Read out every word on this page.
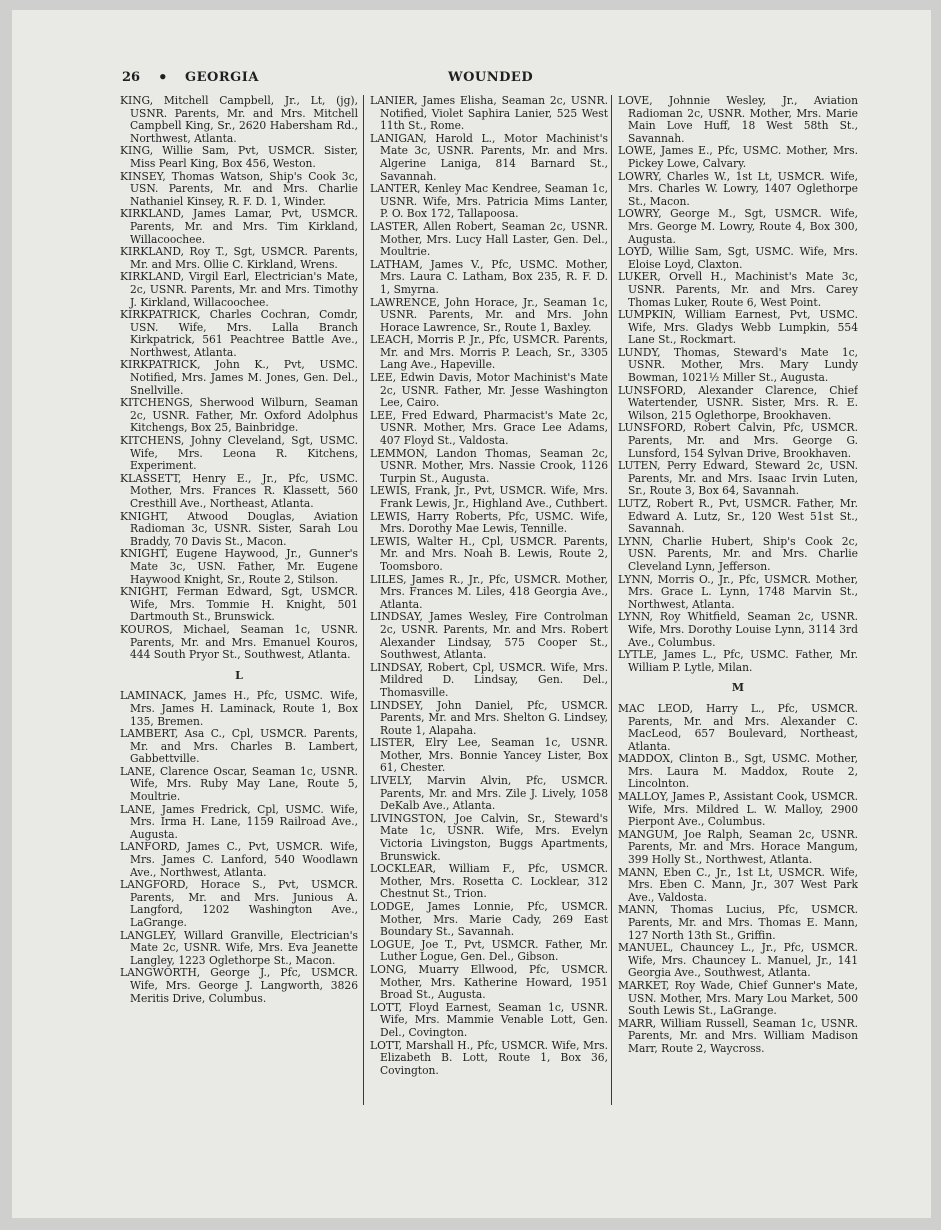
26 • GEORGIA	WOUNDED

KING, Mitchell Campbell, Jr., Lt, (jg), USNR. Parents, Mr. and Mrs. Mitchell Campbell King, Sr., 2620 Habersham Rd., Northwest, Atlanta.

KING, Willie Sam, Pvt, USMCR. Sister, Miss Pearl King, Box 456, Weston.

KINSEY, Thomas Watson, Ship's Cook 3c, USN. Parents, Mr. and Mrs. Charlie Nathaniel Kinsey, R. F. D. 1, Winder.

KIRKLAND, James Lamar, Pvt, USMCR. Parents, Mr. and Mrs. Tim Kirkland, Willacoochee.

KIRKLAND, Roy T., Sgt, USMCR. Parents, Mr. and Mrs. Ollie C. Kirkland, Wrens.

KIRKLAND, Virgil Earl, Electrician's Mate, 2c, USNR. Parents, Mr. and Mrs. Timothy J. Kirkland, Willacoochee.

KIRKPATRICK, Charles Cochran, Comdr, USN. Wife, Mrs. Lalla Branch Kirkpatrick, 561 Peachtree Battle Ave., Northwest, Atlanta.

KIRKPATRICK, John K., Pvt, USMC. Notified, Mrs. James M. Jones, Gen. Del., Snellville.

KITCHENGS, Sherwood Wilburn, Seaman 2c, USNR. Father, Mr. Oxford Adolphus Kitchengs, Box 25, Bainbridge.

KITCHENS, Johny Cleveland, Sgt, USMC. Wife, Mrs. Leona R. Kitchens, Experiment.

KLASSETT, Henry E., Jr., Pfc, USMC. Mother, Mrs. Frances R. Klassett, 560 Cresthill Ave., Northeast, Atlanta.

KNIGHT, Atwood Douglas, Aviation Radioman 3c, USNR. Sister, Sarah Lou Braddy, 70 Davis St., Macon.

KNIGHT, Eugene Haywood, Jr., Gunner's Mate 3c, USN. Father, Mr. Eugene Haywood Knight, Sr., Route 2, Stilson.

KNIGHT, Ferman Edward, Sgt, USMCR. Wife, Mrs. Tommie H. Knight, 501 Dartmouth St., Brunswick.

KOUROS, Michael, Seaman 1c, USNR. Parents, Mr. and Mrs. Emanuel Kouros, 444 South Pryor St., Southwest, Atlanta.

L

LAMINACK, James H., Pfc, USMC. Wife, Mrs. James H. Laminack, Route 1, Box 135, Bremen.

LAMBERT, Asa C., Cpl, USMCR. Parents, Mr. and Mrs. Charles B. Lambert, Gabbettville.

LANE, Clarence Oscar, Seaman 1c, USNR. Wife, Mrs. Ruby May Lane, Route 5, Moultrie.

LANE, James Fredrick, Cpl, USMC. Wife, Mrs. Irma H. Lane, 1159 Railroad Ave., Augusta.

LANFORD, James C., Pvt, USMCR. Wife, Mrs. James C. Lanford, 540 Woodlawn Ave., Northwest, Atlanta.

LANGFORD, Horace S., Pvt, USMCR. Parents, Mr. and Mrs. Junious A. Langford, 1202 Washington Ave., LaGrange.

LANGLEY, Willard Granville, Electrician's Mate 2c, USNR. Wife, Mrs. Eva Jeanette Langley, 1223 Oglethorpe St., Macon.

LANGWORTH, George J., Pfc, USMCR. Wife, Mrs. George J. Langworth, 3826 Meritis Drive, Columbus.

LANIER, James Elisha, Seaman 2c, USNR. Notified, Violet Saphira Lanier, 525 West 11th St., Rome.

LANIGAN, Harold L., Motor Machinist's Mate 3c, USNR. Parents, Mr. and Mrs. Algerine Laniga, 814 Barnard St., Savannah.

LANTER, Kenley Mac Kendree, Seaman 1c, USNR. Wife, Mrs. Patricia Mims Lanter, P. O. Box 172, Tallapoosa.

LASTER, Allen Robert, Seaman 2c, USNR. Mother, Mrs. Lucy Hall Laster, Gen. Del., Moultrie.

LATHAM, James V., Pfc, USMC. Mother, Mrs. Laura C. Latham, Box 235, R. F. D. 1, Smyrna.

LAWRENCE, John Horace, Jr., Seaman 1c, USNR. Parents, Mr. and Mrs. John Horace Lawrence, Sr., Route 1, Baxley.

LEACH, Morris P. Jr., Pfc, USMCR. Parents, Mr. and Mrs. Morris P. Leach, Sr., 3305 Lang Ave., Hapeville.

LEE, Edwin Davis, Motor Machinist's Mate 2c, USNR. Father, Mr. Jesse Washington Lee, Cairo.

LEE, Fred Edward, Pharmacist's Mate 2c, USNR. Mother, Mrs. Grace Lee Adams, 407 Floyd St., Valdosta.

LEMMON, Landon Thomas, Seaman 2c, USNR. Mother, Mrs. Nassie Crook, 1126 Turpin St., Augusta.

LEWIS, Frank, Jr., Pvt, USMCR. Wife, Mrs. Frank Lewis, Jr., Highland Ave., Cuthbert.

LEWIS, Harry Roberts, Pfc, USMC. Wife, Mrs. Dorothy Mae Lewis, Tennille.

LEWIS, Walter H., Cpl, USMCR. Parents, Mr. and Mrs. Noah B. Lewis, Route 2, Toomsboro.

LILES, James R., Jr., Pfc, USMCR. Mother, Mrs. Frances M. Liles, 418 Georgia Ave., Atlanta.

LINDSAY, James Wesley, Fire Controlman 2c, USNR. Parents, Mr. and Mrs. Robert Alexander Lindsay, 575 Cooper St., Southwest, Atlanta.

LINDSAY, Robert, Cpl, USMCR. Wife, Mrs. Mildred D. Lindsay, Gen. Del., Thomasville.

LINDSEY, John Daniel, Pfc, USMCR. Parents, Mr. and Mrs. Shelton G. Lindsey, Route 1, Alapaha.

LISTER, Elry Lee, Seaman 1c, USNR. Mother, Mrs. Bonnie Yancey Lister, Box 61, Chester.

LIVELY, Marvin Alvin, Pfc, USMCR. Parents, Mr. and Mrs. Zile J. Lively, 1058 DeKalb Ave., Atlanta.

LIVINGSTON, Joe Calvin, Sr., Steward's Mate 1c, USNR. Wife, Mrs. Evelyn Victoria Livingston, Buggs Apartments, Brunswick.

LOCKLEAR, William F., Pfc, USMCR. Mother, Mrs. Rosetta C. Locklear, 312 Chestnut St., Trion.

LODGE, James Lonnie, Pfc, USMCR. Mother, Mrs. Marie Cady, 269 East Boundary St., Savannah.

LOGUE, Joe T., Pvt, USMCR. Father, Mr. Luther Logue, Gen. Del., Gibson.

LONG, Muarry Ellwood, Pfc, USMCR. Mother, Mrs. Katherine Howard, 1951 Broad St., Augusta.

LOTT, Floyd Earnest, Seaman 1c, USNR. Wife, Mrs. Mammie Venable Lott, Gen. Del., Covington.

LOTT, Marshall H., Pfc, USMCR. Wife, Mrs. Elizabeth B. Lott, Route 1, Box 36, Covington.

LOVE, Johnnie Wesley, Jr., Aviation Radioman 2c, USNR. Mother, Mrs. Marie Main Love Huff, 18 West 58th St., Savannah.

LOWE, James E., Pfc, USMC. Mother, Mrs. Pickey Lowe, Calvary.

LOWRY, Charles W., 1st Lt, USMCR. Wife, Mrs. Charles W. Lowry, 1407 Oglethorpe St., Macon.

LOWRY, George M., Sgt, USMCR. Wife, Mrs. George M. Lowry, Route 4, Box 300, Augusta.

LOYD, Willie Sam, Sgt, USMC. Wife, Mrs. Eloise Loyd, Claxton.

LUKER, Orvell H., Machinist's Mate 3c, USNR. Parents, Mr. and Mrs. Carey Thomas Luker, Route 6, West Point.

LUMPKIN, William Earnest, Pvt, USMC. Wife, Mrs. Gladys Webb Lumpkin, 554 Lane St., Rockmart.

LUNDY, Thomas, Steward's Mate 1c, USNR. Mother, Mrs. Mary Lundy Bowman, 1021½ Miller St., Augusta.

LUNSFORD, Alexander Clarence, Chief Watertender, USNR. Sister, Mrs. R. E. Wilson, 215 Oglethorpe, Brookhaven.

LUNSFORD, Robert Calvin, Pfc, USMCR. Parents, Mr. and Mrs. George G. Lunsford, 154 Sylvan Drive, Brookhaven.

LUTEN, Perry Edward, Steward 2c, USN. Parents, Mr. and Mrs. Isaac Irvin Luten, Sr., Route 3, Box 64, Savannah.

LUTZ, Robert R., Pvt, USMCR. Father, Mr. Edward A. Lutz, Sr., 120 West 51st St., Savannah.

LYNN, Charlie Hubert, Ship's Cook 2c, USN. Parents, Mr. and Mrs. Charlie Cleveland Lynn, Jefferson.

LYNN, Morris O., Jr., Pfc, USMCR. Mother, Mrs. Grace L. Lynn, 1748 Marvin St., Northwest, Atlanta.

LYNN, Roy Whitfield, Seaman 2c, USNR. Wife, Mrs. Dorothy Louise Lynn, 3114 3rd Ave., Columbus.

LYTLE, James L., Pfc, USMC. Father, Mr. William P. Lytle, Milan.

M

MAC LEOD, Harry L., Pfc, USMCR. Parents, Mr. and Mrs. Alexander C. MacLeod, 657 Boulevard, Northeast, Atlanta.

MADDOX, Clinton B., Sgt, USMC. Mother, Mrs. Laura M. Maddox, Route 2, Lincolnton.

MALLOY, James P., Assistant Cook, USMCR. Wife, Mrs. Mildred L. W. Malloy, 2900 Pierpont Ave., Columbus.

MANGUM, Joe Ralph, Seaman 2c, USNR. Parents, Mr. and Mrs. Horace Mangum, 399 Holly St., Northwest, Atlanta.

MANN, Eben C., Jr., 1st Lt, USMCR. Wife, Mrs. Eben C. Mann, Jr., 307 West Park Ave., Valdosta.

MANN, Thomas Lucius, Pfc, USMCR. Parents, Mr. and Mrs. Thomas E. Mann, 127 North 13th St., Griffin.

MANUEL, Chauncey L., Jr., Pfc, USMCR. Wife, Mrs. Chauncey L. Manuel, Jr., 141 Georgia Ave., Southwest, Atlanta.

MARKET, Roy Wade, Chief Gunner's Mate, USN. Mother, Mrs. Mary Lou Market, 500 South Lewis St., LaGrange.

MARR, William Russell, Seaman 1c, USNR. Parents, Mr. and Mrs. William Madison Marr, Route 2, Waycross.
